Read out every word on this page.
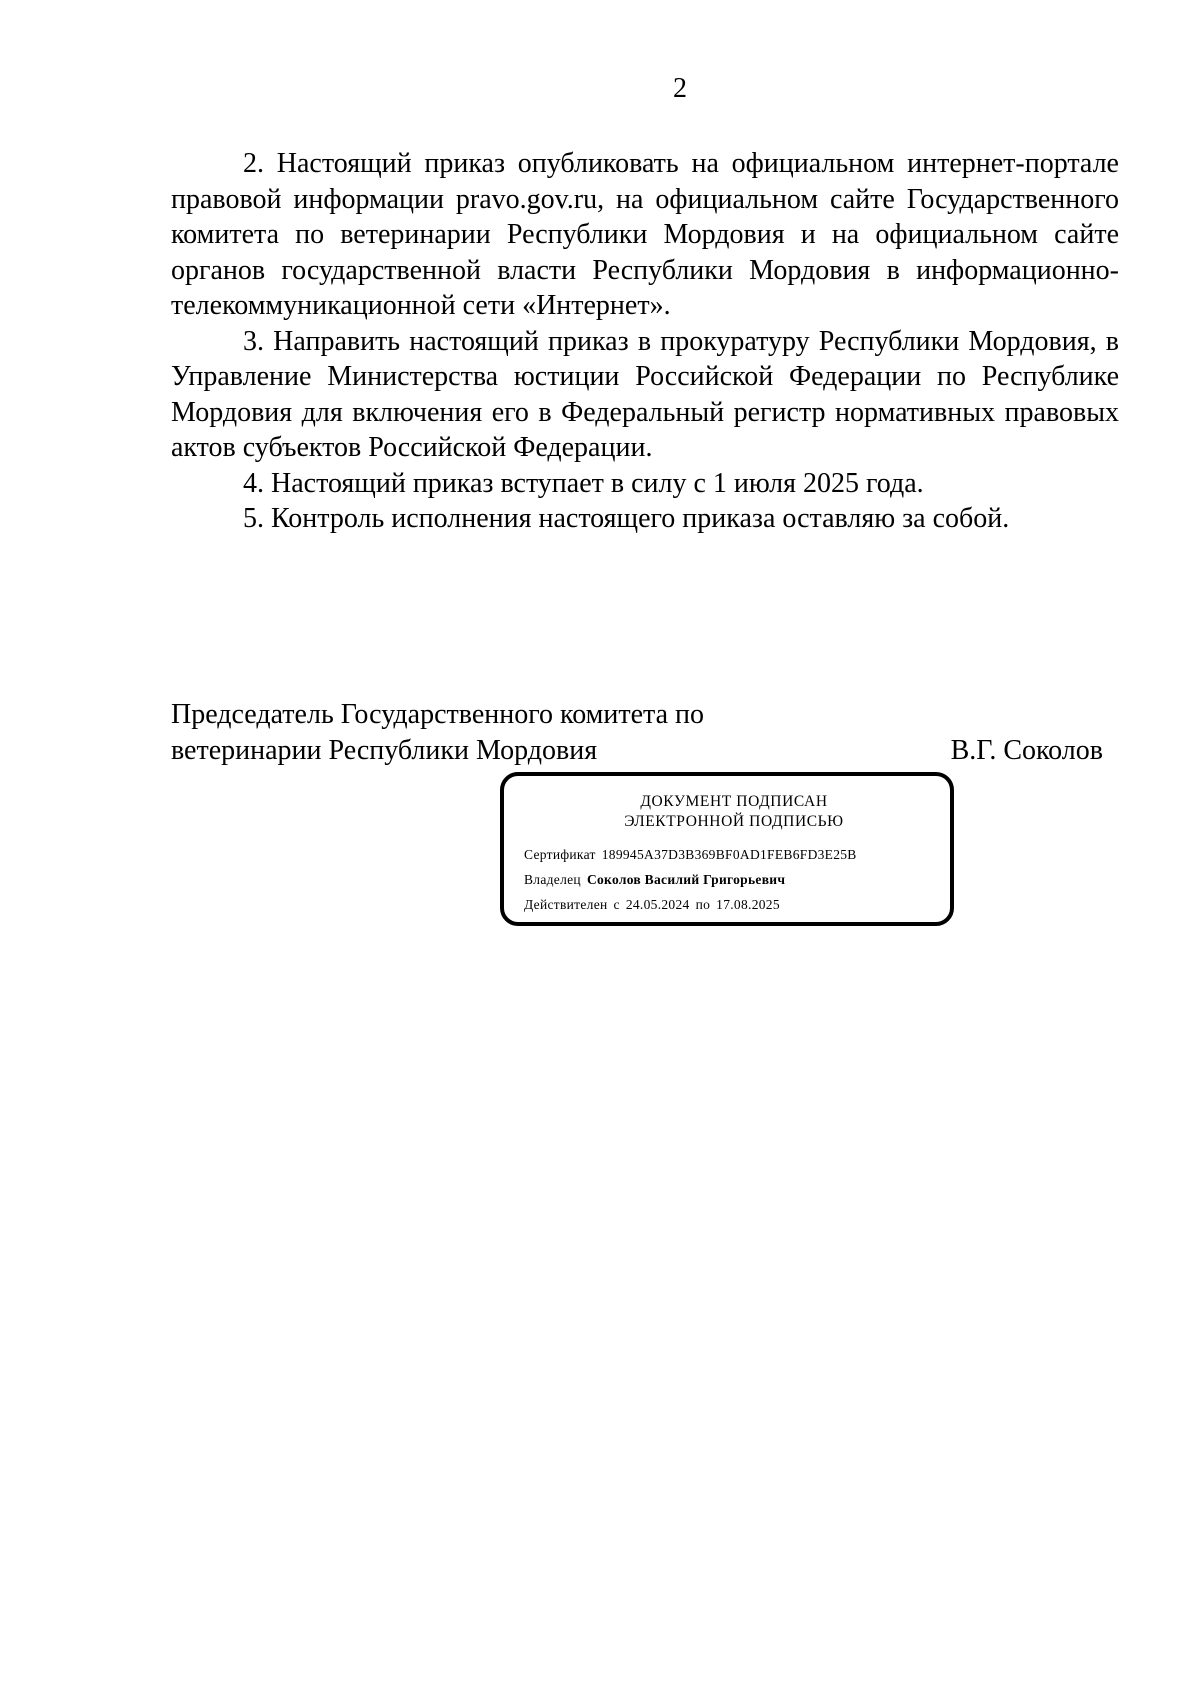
2

2. Настоящий приказ опубликовать на официальном интернет-портале правовой информации pravo.gov.ru, на официальном сайте Государственного комитета по ветеринарии Республики Мордовия и на официальном сайте органов государственной власти Республики Мордовия в информационно-телекоммуникационной сети «Интернет».

3. Направить настоящий приказ в прокуратуру Республики Мордовия, в Управление Министерства юстиции Российской Федерации по Республике Мордовия для включения его в Федеральный регистр нормативных правовых актов субъектов Российской Федерации.

4. Настоящий приказ вступает в силу с 1 июля 2025 года.

5. Контроль исполнения настоящего приказа оставляю за собой.

Председатель Государственного комитета по
ветеринарии Республики Мордовия	В.Г. Соколов
ДОКУМЕНТ ПОДПИСАН
ЭЛЕКТРОННОЙ ПОДПИСЬЮ
Сертификат 189945A37D3B369BF0AD1FEB6FD3E25B
Владелец Соколов Василий Григорьевич
Действителен с 24.05.2024 по 17.08.2025
